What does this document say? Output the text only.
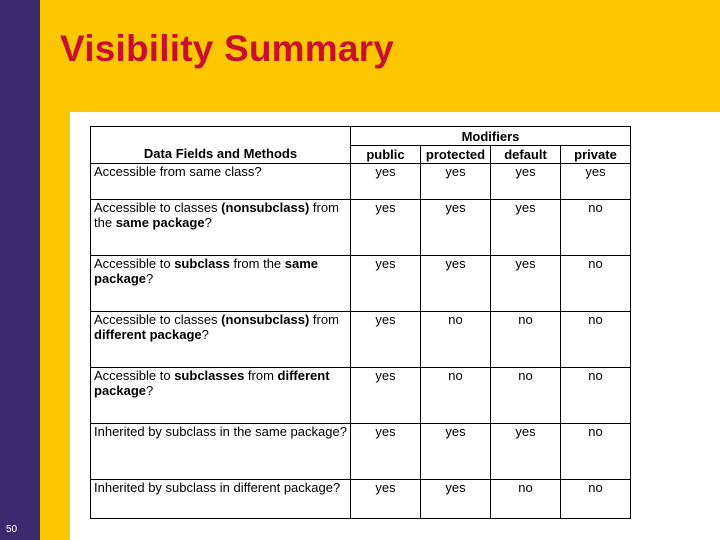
Visibility Summary
50
Data Fields and Methods	Modifiers			
	public	protected	default	private
Accessible from same class?	yes	yes	yes	yes
Accessible to classes (nonsubclass) from the same package?	yes	yes	yes	no
Accessible to subclass from the same package?	yes	yes	yes	no
Accessible to classes (nonsubclass) from different package?	yes	no	no	no
Accessible to subclasses from different package?	yes	no	no	no
Inherited by subclass in the same package?	yes	yes	yes	no
Inherited by subclass in different package?	yes	yes	no	no
